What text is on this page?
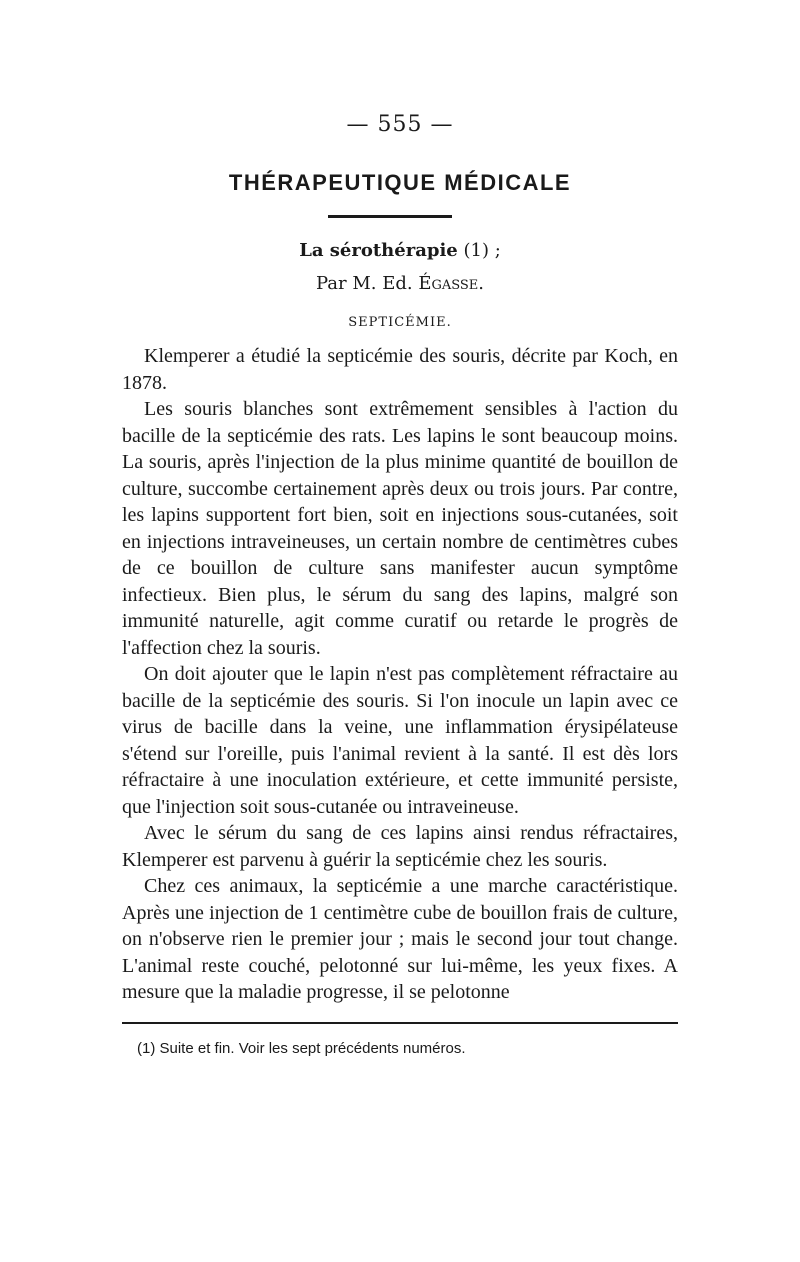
— 555 —
THÉRAPEUTIQUE MÉDICALE
La sérothérapie (1) ;
Par M. Ed. Égasse.
SEPTICÉMIE.

Klemperer a étudié la septicémie des souris, décrite par Koch, en 1878.

Les souris blanches sont extrêmement sensibles à l'action du bacille de la septicémie des rats. Les lapins le sont beaucoup moins. La souris, après l'injection de la plus minime quantité de bouillon de culture, succombe certainement après deux ou trois jours. Par contre, les lapins supportent fort bien, soit en injections sous-cutanées, soit en injections intraveineuses, un certain nombre de centimètres cubes de ce bouillon de culture sans manifester aucun symptôme infectieux. Bien plus, le sérum du sang des lapins, malgré son immunité naturelle, agit comme curatif ou retarde le progrès de l'affection chez la souris.

On doit ajouter que le lapin n'est pas complètement réfractaire au bacille de la septicémie des souris. Si l'on inocule un lapin avec ce virus de bacille dans la veine, une inflammation érysipélateuse s'étend sur l'oreille, puis l'animal revient à la santé. Il est dès lors réfractaire à une inoculation extérieure, et cette immunité persiste, que l'injection soit sous-cutanée ou intraveineuse.

Avec le sérum du sang de ces lapins ainsi rendus réfractaires, Klemperer est parvenu à guérir la septicémie chez les souris.

Chez ces animaux, la septicémie a une marche caractéristique. Après une injection de 1 centimètre cube de bouillon frais de culture, on n'observe rien le premier jour ; mais le second jour tout change. L'animal reste couché, pelotonné sur lui-même, les yeux fixes. A mesure que la maladie progresse, il se pelotonne

(1) Suite et fin. Voir les sept précédents numéros.
